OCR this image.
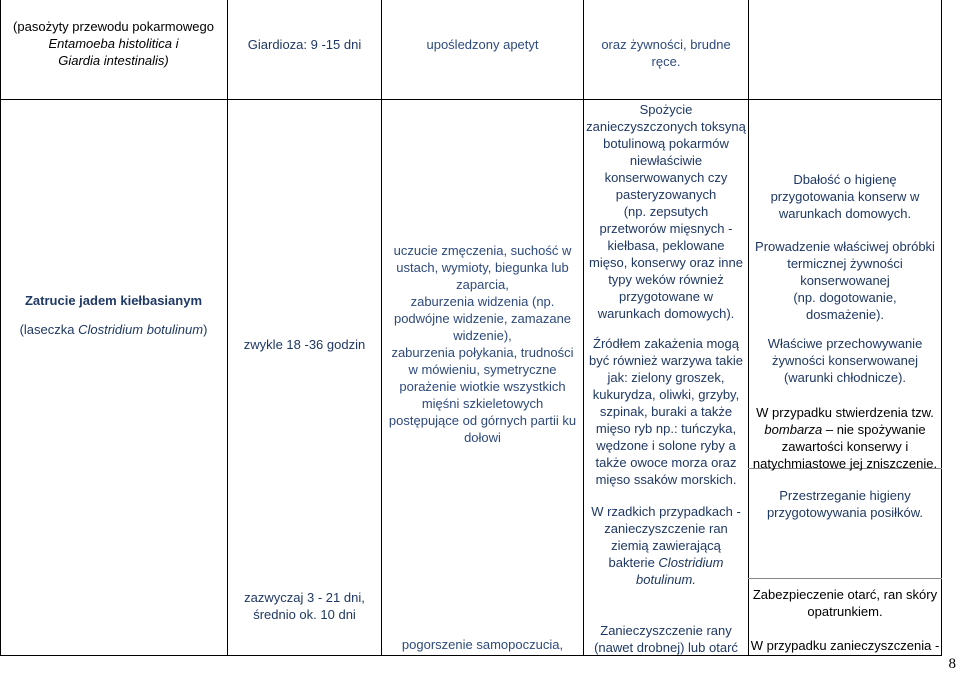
(pasożyty przewodu pokarmowego

Entamoeba histolitica i

Giardia intestinalis)

Giardioza: 9 -15 dni	upośledzony apetyt	oraz żywności, brudne

ręce.

Zatrucie jadem kiełbasianym

(laseczka Clostridium botulinum)

zwykle 18 -36 godzin

zazwyczaj 3 - 21 dni,

średnio ok. 10 dni

uczucie zmęczenia, suchość w

ustach, wymioty, biegunka lub

zaparcia,

zaburzenia widzenia (np.

podwójne widzenie, zamazane

widzenie),

zaburzenia połykania, trudności

w mówieniu, symetryczne

porażenie wiotkie wszystkich

mięśni szkieletowych

postępujące od górnych partii ku

dołowi

pogorszenie samopoczucia,

Spożycie

zanieczyszczonych toksyną

botulinową pokarmów

niewłaściwie

konserwowanych czy

pasteryzowanych

(np. zepsutych

przetworów mięsnych -

kiełbasa, peklowane

mięso, konserwy oraz inne

typy weków również

przygotowane w

warunkach domowych).

Źródłem zakażenia mogą

być również warzywa takie

jak: zielony groszek,

kukurydza, oliwki, grzyby,

szpinak, buraki a także

mięso ryb np.: tuńczyka,

wędzone i solone ryby a

także owoce morza oraz

mięso ssaków morskich.

W rzadkich przypadkach -

zanieczyszczenie ran

ziemią zawierającą

bakterie Clostridium

botulinum.

Zanieczyszczenie rany

(nawet drobnej) lub otarć

Dbałość o higienę

przygotowania konserw w

warunkach domowych.

Prowadzenie właściwej obróbki

termicznej żywności

konserwowanej

(np. dogotowanie,

dosmażenie).

Właściwe przechowywanie

żywności konserwowanej

(warunki chłodnicze).

W przypadku stwierdzenia tzw.

bombarza – nie spożywanie

zawartości konserwy i

natychmiastowe jej zniszczenie.

Przestrzeganie higieny

przygotowywania posiłków.

Zabezpieczenie otarć, ran skóry

opatrunkiem.

W przypadku zanieczyszczenia -

8
